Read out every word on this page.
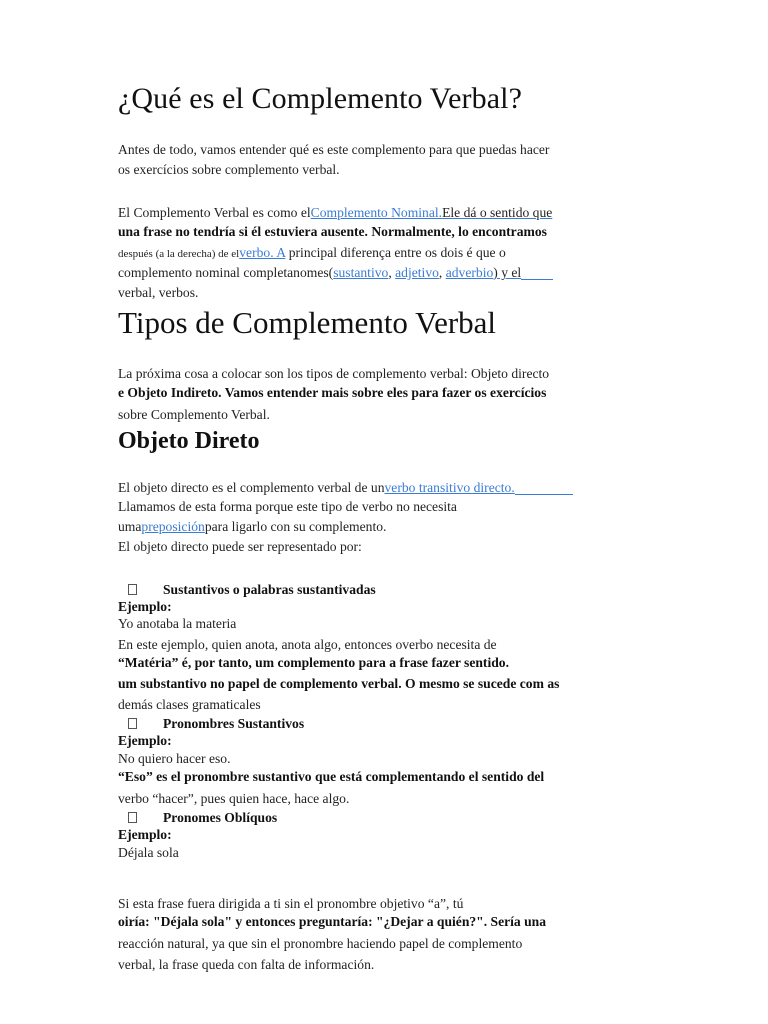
¿Qué es el Complemento Verbal?
Antes de todo, vamos entender qué es este complemento para que puedas hacer
os exercícios sobre complemento verbal.
El Complemento Verbal es como elComplemento Nominal.Ele dá o sentido que
una frase no tendría si él estuviera ausente. Normalmente, lo encontramos
después (a la derecha) de elverbo. A principal diferença entre os dois é que o
complemento nominal completanomes(sustantivo, adjetivo, adverbio) y el
verbal, verbos.
Tipos de Complemento Verbal
La próxima cosa a colocar son los tipos de complemento verbal: Objeto directo
e Objeto Indireto. Vamos entender mais sobre eles para fazer os exercícios
sobre Complemento Verbal.
Objeto Direto
El objeto directo es el complemento verbal de unverbo transitivo directo.
Llamamos de esta forma porque este tipo de verbo no necesita
umapreposiciónpara ligarlo con su complemento.
El objeto directo puede ser representado por:
Sustantivos o palabras sustantivadas
Ejemplo:
Yo anotaba la materia
En este ejemplo, quien anota, anota algo, entonces overbo necesita de
“Matéria” é, por tanto, um complemento para a frase fazer sentido.
um substantivo no papel de complemento verbal. O mesmo se sucede com as
demás clases gramaticales
Pronombres Sustantivos
Ejemplo:
No quiero hacer eso.
“Eso” es el pronombre sustantivo que está complementando el sentido del
verbo “hacer”, pues quien hace, hace algo.
Pronomes Oblíquos
Ejemplo:
Déjala sola
Si esta frase fuera dirigida a ti sin el pronombre objetivo “a”, tú
oiría: "Déjala sola" y entonces preguntaría: "¿Dejar a quién?". Sería una
reacción natural, ya que sin el pronombre haciendo papel de complemento
verbal, la frase queda con falta de información.
